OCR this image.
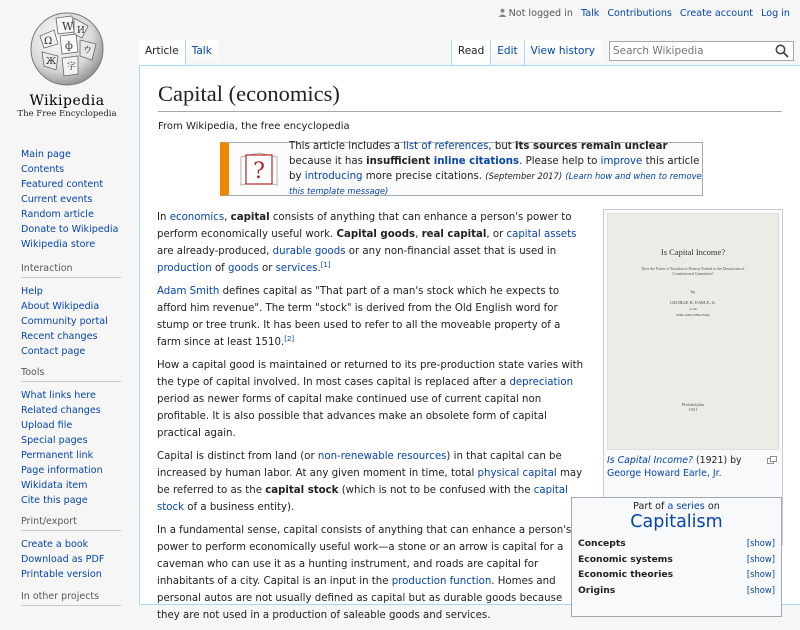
Ω
W И
ф ウ
Ж 字
Wikipedia
The Free Encyclopedia
Main page
Contents
Featured content
Current events
Random article
Donate to Wikipedia
Wikipedia store
Interaction
Help
About Wikipedia
Community portal
Recent changes
Contact page
Tools
What links here
Related changes
Upload file
Special pages
Permanent link
Page information
Wikidata item
Cite this page
Print/export
Create a book
Download as PDF
Printable version
In other projects
Not logged in Talk Contributions Create account Log in
Article	Talk	Read	Edit	View history
Search Wikipedia
Capital (economics)
From Wikipedia, the free encyclopedia
?
This article includes a list of references, but its sources remain unclear because it has insufficient inline citations. Please help to improve this article by introducing more precise citations. (September 2017) (Learn how and when to remove this template message)

In economics, capital consists of anything that can enhance a person's power to perform economically useful work. Capital goods, real capital, or capital assets are already-produced, durable goods or any non-financial asset that is used in production of goods or services.[1]

Adam Smith defines capital as "That part of a man's stock which he expects to afford him revenue". The term "stock" is derived from the Old English word for stump or tree trunk. It has been used to refer to all the moveable property of a farm since at least 1510.[2]

How a capital good is maintained or returned to its pre-production state varies with the type of capital involved. In most cases capital is replaced after a depreciation period as newer forms of capital make continued use of current capital non profitable. It is also possible that advances make an obsolete form of capital practical again.

Capital is distinct from land (or non-renewable resources) in that capital can be increased by human labor. At any given moment in time, total physical capital may be referred to as the capital stock (which is not to be confused with the capital stock of a business entity).

In a fundamental sense, capital consists of anything that can enhance a person's power to perform economically useful work—a stone or an arrow is capital for a caveman who can use it as a hunting instrument, and roads are capital for inhabitants of a city. Capital is an input in the production function. Homes and personal autos are not usually defined as capital but as durable goods because they are not used in a production of saleable goods and services.

Is Capital Income?
Does the Power of Taxation to Destroy Extend to the Destruction of Constitutional Guarantees?
by
GEORGE H. EARLE, Jr.
of the
PHILADELPHIA BAR
Philadelphia
1921
Is Capital Income? (1921) by George Howard Earle, Jr.
Part of a series on
Capitalism
Concepts	[show]
Economic systems	[show]
Economic theories	[show]
Origins	[show]
